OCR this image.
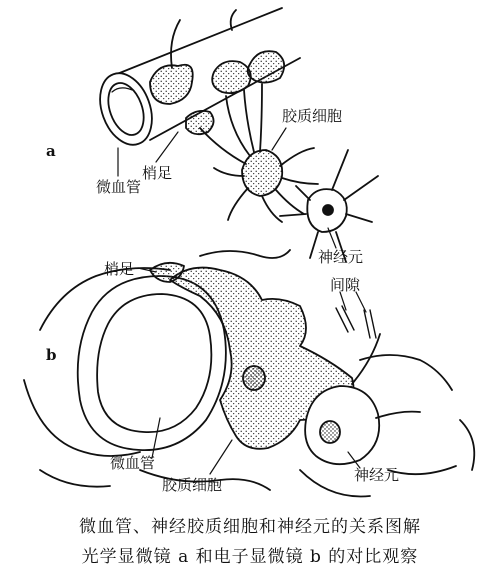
a
b
胶质细胞
梢足
微血管
神经元
梢足
间隙
微血管
胶质细胞
神经元
微血管、神经胶质细胞和神经元的关系图解
光学显微镜 a 和电子显微镜 b 的对比观察
